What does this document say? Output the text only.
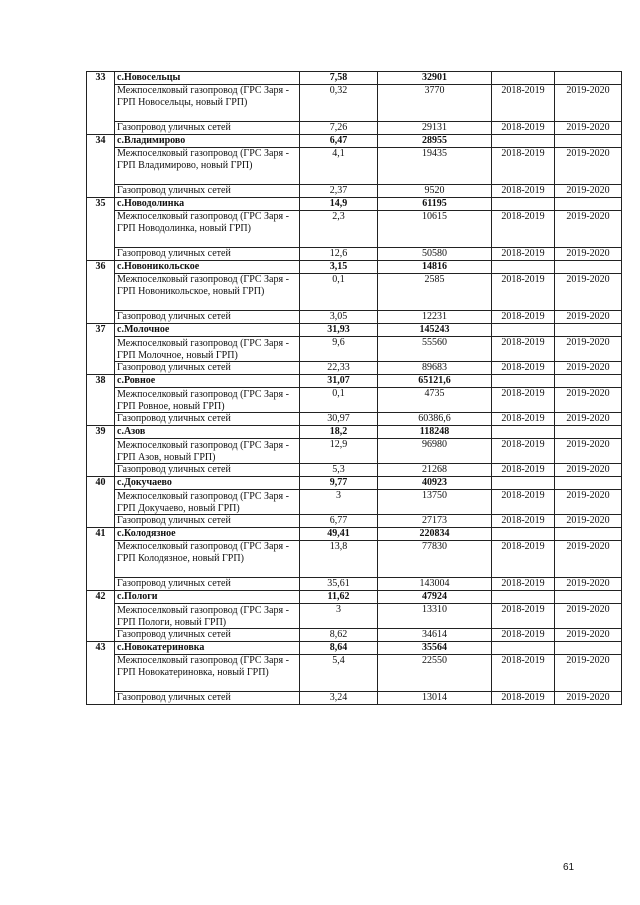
33	с.Новосельцы	7,58	32901		
	Межпоселковый газопровод (ГРС Заря - ГРП Новосельцы, новый ГРП)	0,32	3770	2018-2019	2019-2020
	Газопровод уличных сетей	7,26	29131	2018-2019	2019-2020
34	с.Владимирово	6,47	28955		
	Межпоселковый газопровод (ГРС Заря - ГРП Владимирово, новый ГРП)	4,1	19435	2018-2019	2019-2020
	Газопровод уличных сетей	2,37	9520	2018-2019	2019-2020
35	с.Новодолинка	14,9	61195		
	Межпоселковый газопровод (ГРС Заря - ГРП Новодолинка, новый ГРП)	2,3	10615	2018-2019	2019-2020
	Газопровод уличных сетей	12,6	50580	2018-2019	2019-2020
36	с.Новоникольское	3,15	14816		
	Межпоселковый газопровод (ГРС Заря - ГРП Новоникольское, новый ГРП)	0,1	2585	2018-2019	2019-2020
	Газопровод уличных сетей	3,05	12231	2018-2019	2019-2020
37	с.Молочное	31,93	145243		
	Межпоселковый газопровод (ГРС Заря - ГРП Молочное, новый ГРП)	9,6	55560	2018-2019	2019-2020
	Газопровод уличных сетей	22,33	89683	2018-2019	2019-2020
38	с.Ровное	31,07	65121,6		
	Межпоселковый газопровод (ГРС Заря - ГРП Ровное, новый ГРП)	0,1	4735	2018-2019	2019-2020
	Газопровод уличных сетей	30,97	60386,6	2018-2019	2019-2020
39	с.Азов	18,2	118248		
	Межпоселковый газопровод (ГРС Заря - ГРП Азов, новый ГРП)	12,9	96980	2018-2019	2019-2020
	Газопровод уличных сетей	5,3	21268	2018-2019	2019-2020
40	с.Докучаево	9,77	40923		
	Межпоселковый газопровод (ГРС Заря - ГРП Докучаево, новый ГРП)	3	13750	2018-2019	2019-2020
	Газопровод уличных сетей	6,77	27173	2018-2019	2019-2020
41	с.Колодязное	49,41	220834		
	Межпоселковый газопровод (ГРС Заря - ГРП Колодязное, новый ГРП)	13,8	77830	2018-2019	2019-2020
	Газопровод уличных сетей	35,61	143004	2018-2019	2019-2020
42	с.Пологи	11,62	47924		
	Межпоселковый газопровод (ГРС Заря - ГРП Пологи, новый ГРП)	3	13310	2018-2019	2019-2020
	Газопровод уличных сетей	8,62	34614	2018-2019	2019-2020
43	с.Новокатериновка	8,64	35564		
	Межпоселковый газопровод (ГРС Заря - ГРП Новокатериновка, новый ГРП)	5,4	22550	2018-2019	2019-2020
	Газопровод уличных сетей	3,24	13014	2018-2019	2019-2020
61
